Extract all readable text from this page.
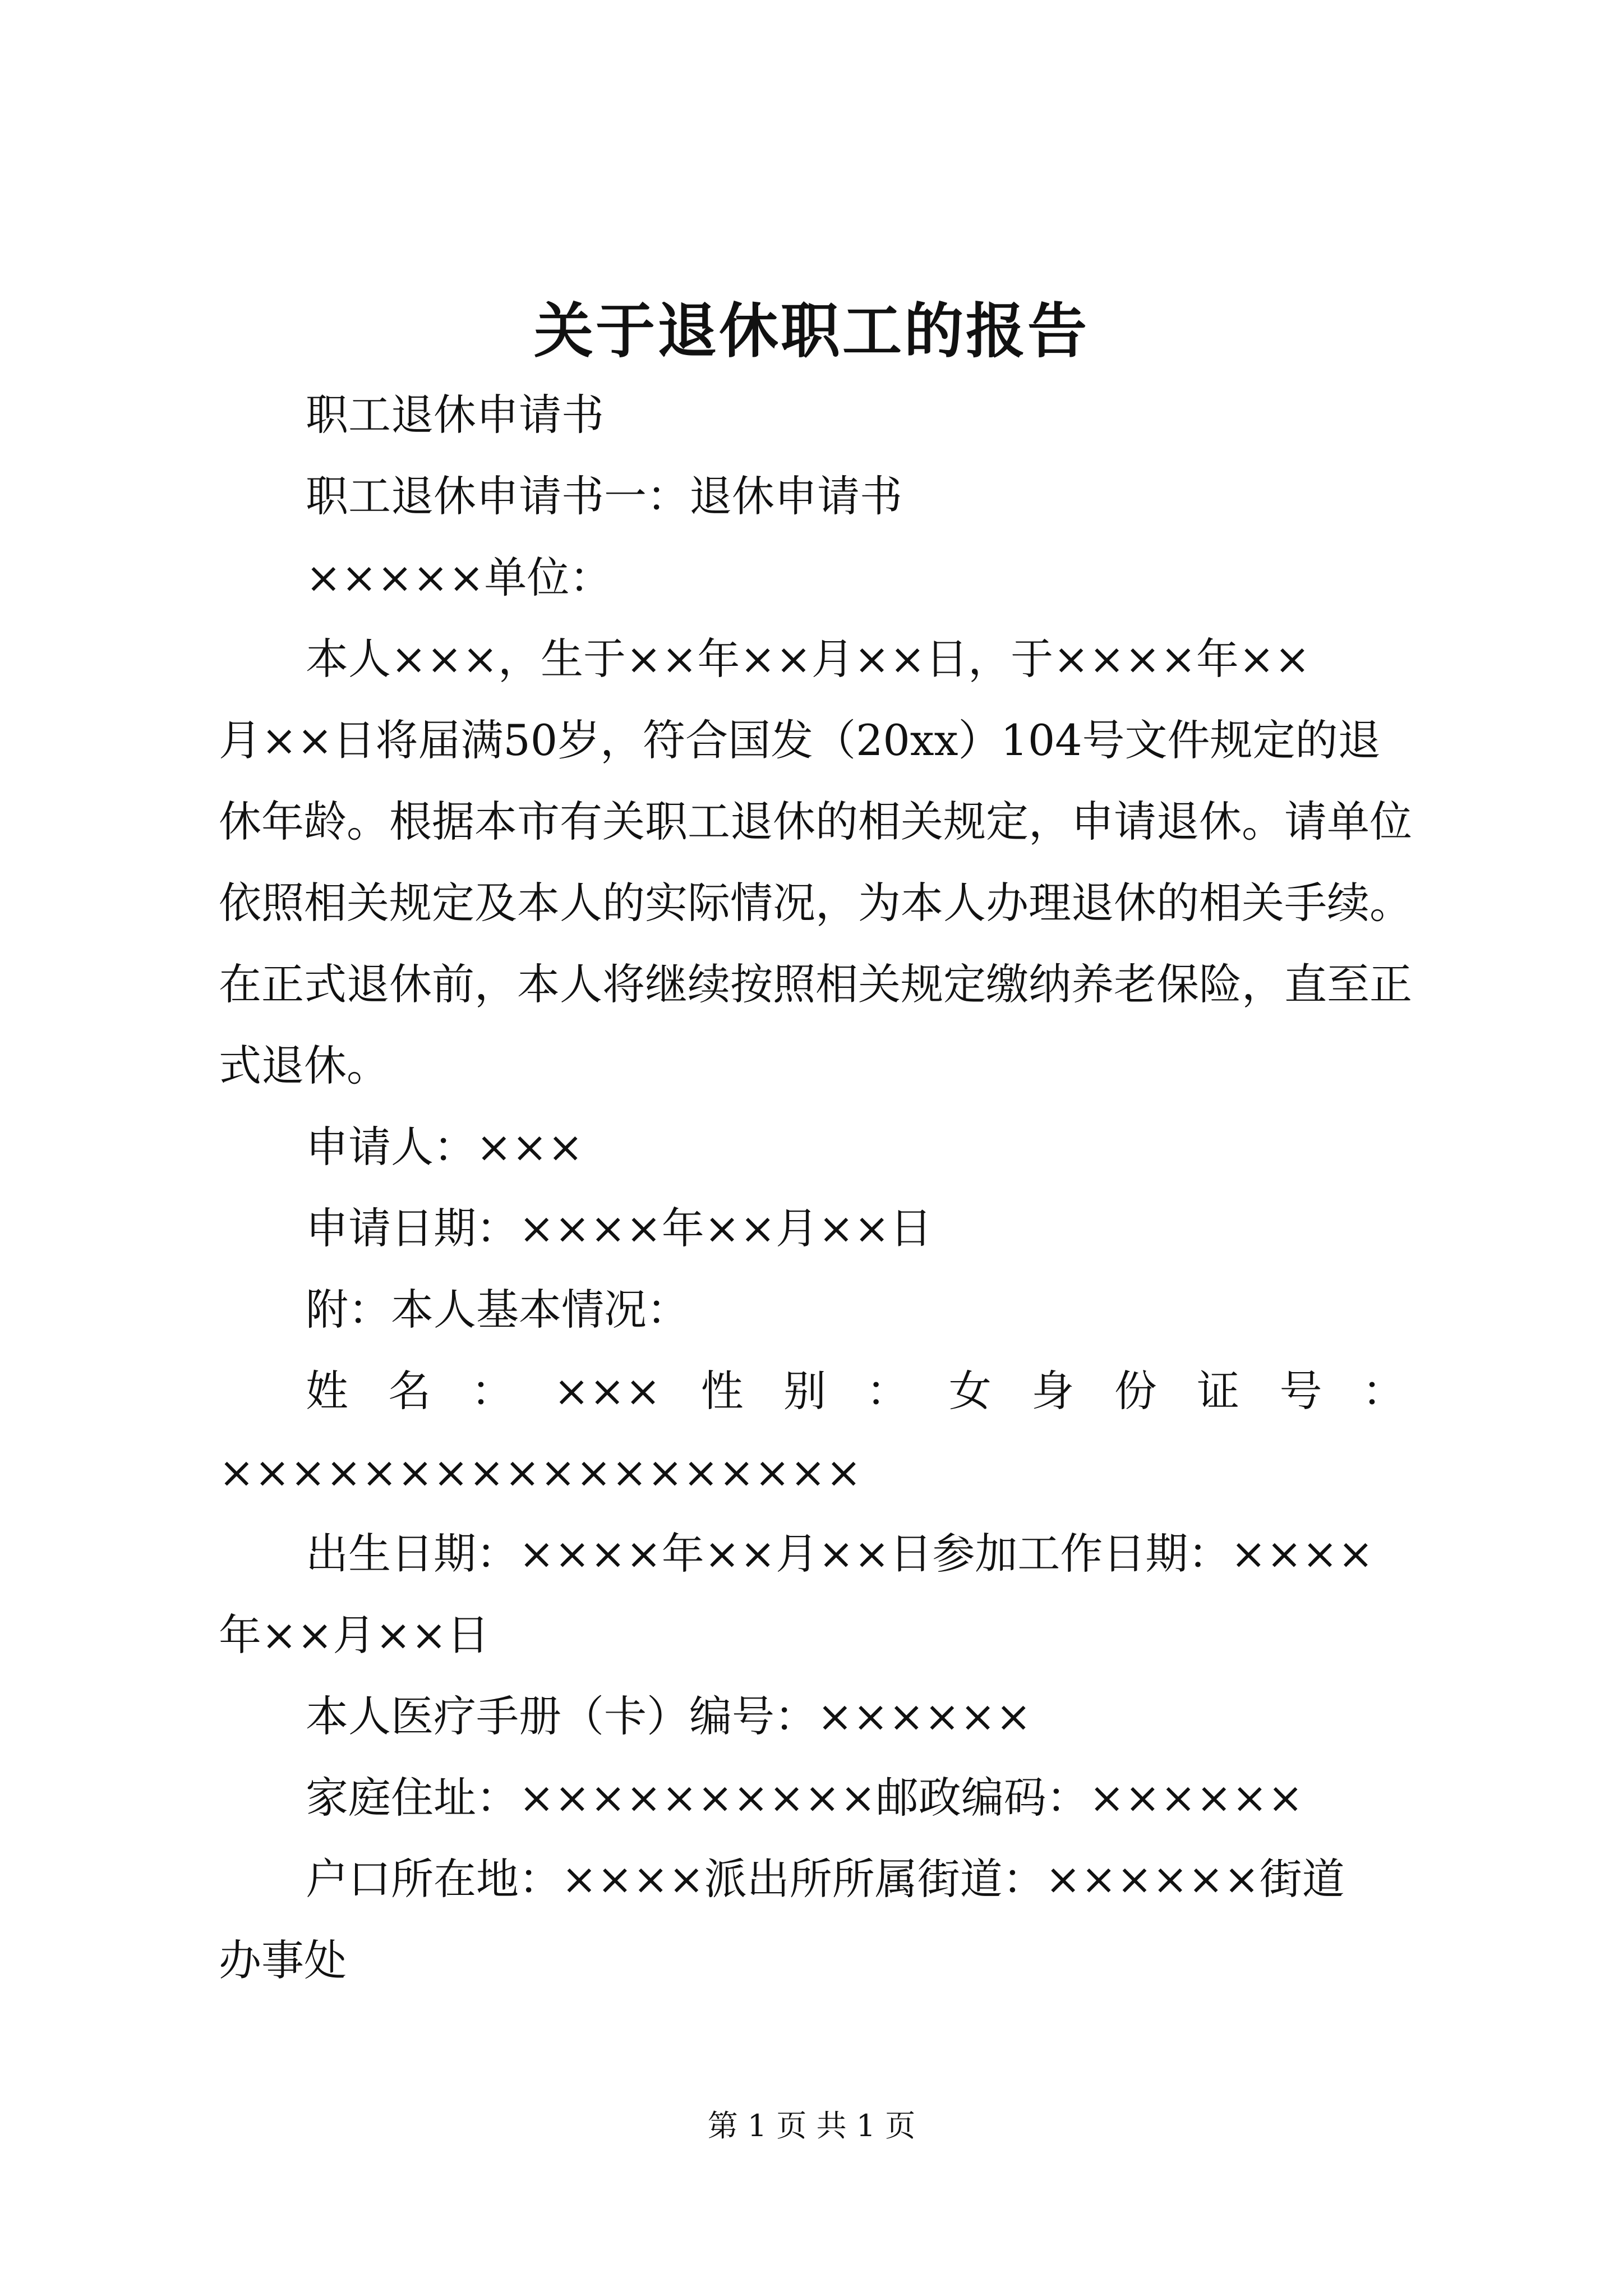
关于退休职工的报告
职工退休申请书
职工退休申请书一：退休申请书
×××××单位：
本人×××，生于××年××月××日，于××××年××
月××日将届满50岁，符合国发（20xx）104号文件规定的退
休年龄。根据本市有关职工退休的相关规定，申请退休。请单位
依照相关规定及本人的实际情况，为本人办理退休的相关手续。
在正式退休前，本人将继续按照相关规定缴纳养老保险，直至正
式退休。
申请人：×××
申请日期：××××年××月××日
附：本人基本情况：
姓 名 ： ××× 性 别 ： 女 身 份 证 号 ：
××××××××××××××××××
出生日期：××××年××月××日参加工作日期：××××
年××月××日
本人医疗手册（卡）编号：××××××
家庭住址：××××××××××邮政编码：××××××
户口所在地：××××派出所所属街道：××××××街道
办事处
第 1 页 共 1 页
